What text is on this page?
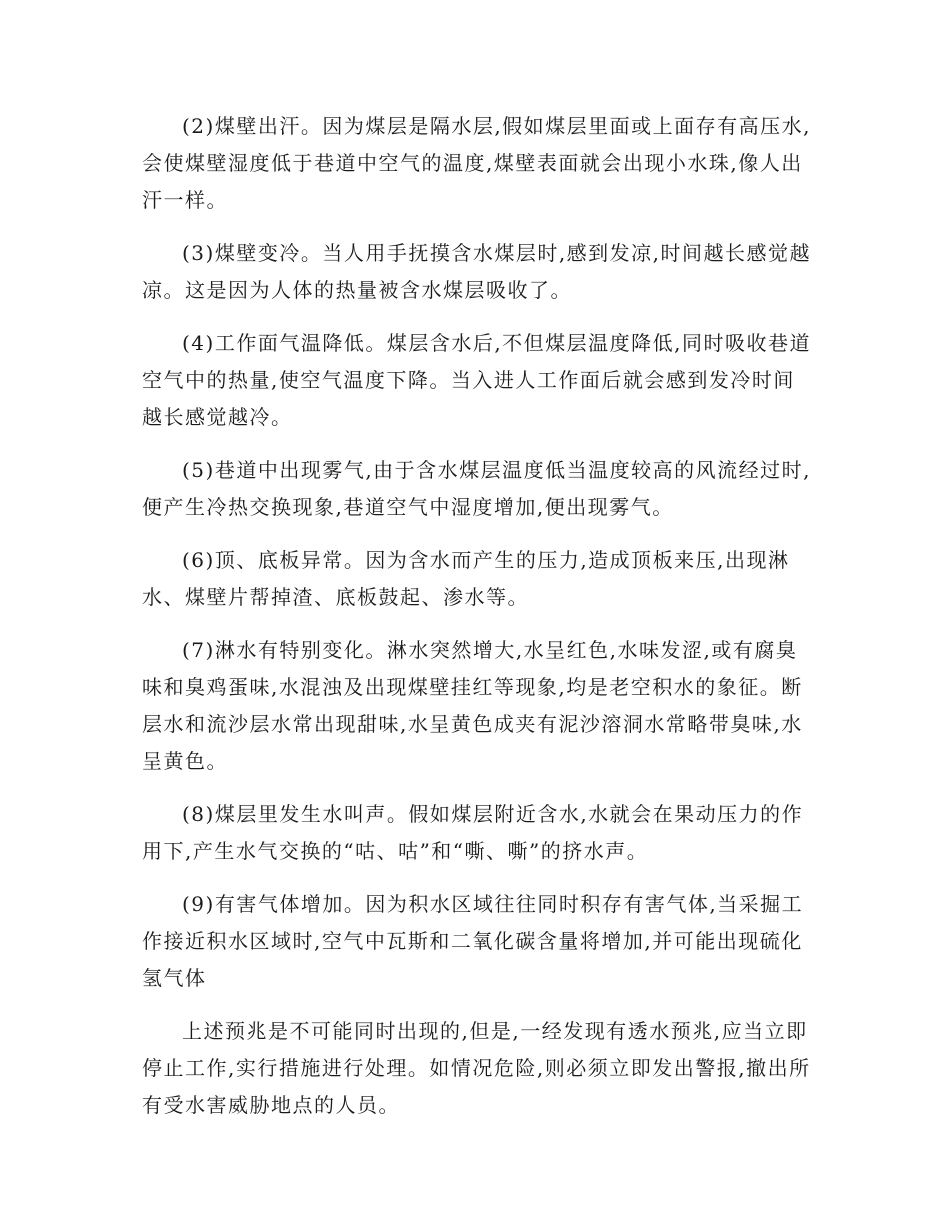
(2)煤壁出汗。因为煤层是隔水层,假如煤层里面或上面存有高压水,会使煤壁湿度低于巷道中空气的温度,煤壁表面就会出现小水珠,像人出汗一样。

(3)煤壁变冷。当人用手抚摸含水煤层时,感到发凉,时间越长感觉越凉。这是因为人体的热量被含水煤层吸收了。

(4)工作面气温降低。煤层含水后,不但煤层温度降低,同时吸收巷道空气中的热量,使空气温度下降。当入进人工作面后就会感到发冷时间越长感觉越冷。

(5)巷道中出现雾气,由于含水煤层温度低当温度较高的风流经过时,便产生冷热交换现象,巷道空气中湿度增加,便出现雾气。

(6)顶、底板异常。因为含水而产生的压力,造成顶板来压,出现淋水、煤壁片帮掉渣、底板鼓起、渗水等。

(7)淋水有特别变化。淋水突然增大,水呈红色,水味发涩,或有腐臭味和臭鸡蛋味,水混浊及出现煤壁挂红等现象,均是老空积水的象征。断层水和流沙层水常出现甜味,水呈黄色成夹有泥沙溶洞水常略带臭味,水呈黄色。

(8)煤层里发生水叫声。假如煤层附近含水,水就会在果动压力的作用下,产生水气交换的“咕、咕”和“嘶、嘶”的挤水声。

(9)有害气体增加。因为积水区域往往同时积存有害气体,当采掘工作接近积水区域时,空气中瓦斯和二氧化碳含量将增加,并可能出现硫化氢气体

上述预兆是不可能同时出现的,但是,一经发现有透水预兆,应当立即停止工作,实行措施进行处理。如情况危险,则必须立即发出警报,撤出所有受水害威胁地点的人员。
